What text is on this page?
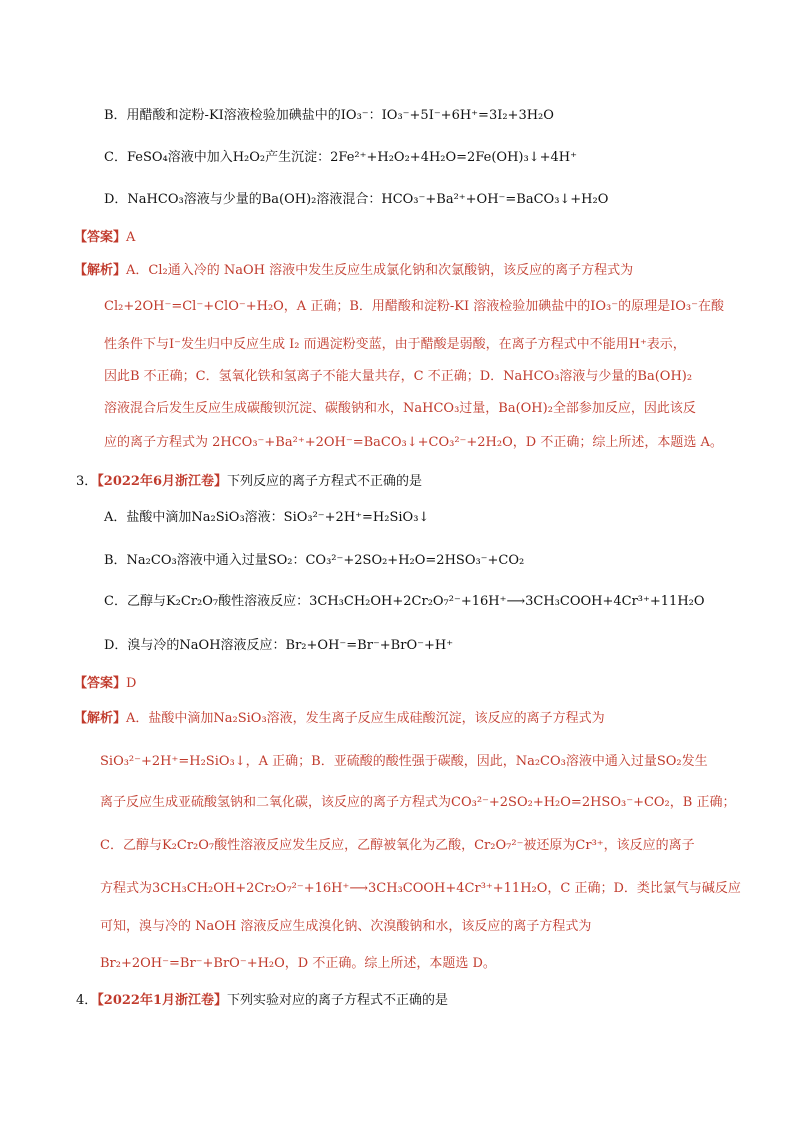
B．用醋酸和淀粉-KI溶液检验加碘盐中的IO₃⁻：IO₃⁻+5I⁻+6H⁺=3I₂+3H₂O
C．FeSO₄溶液中加入H₂O₂产生沉淀：2Fe²⁺+H₂O₂+4H₂O=2Fe(OH)₃↓+4H⁺
D．NaHCO₃溶液与少量的Ba(OH)₂溶液混合：HCO₃⁻+Ba²⁺+OH⁻=BaCO₃↓+H₂O
【答案】A
【解析】A．Cl₂通入冷的 NaOH 溶液中发生反应生成氯化钠和次氯酸钠，该反应的离子方程式为
Cl₂+2OH⁻=Cl⁻+ClO⁻+H₂O，A 正确；B．用醋酸和淀粉-KI 溶液检验加碘盐中的IO₃⁻的原理是IO₃⁻在酸
性条件下与I⁻发生归中反应生成 I₂ 而遇淀粉变蓝，由于醋酸是弱酸，在离子方程式中不能用H⁺表示，
因此B 不正确；C．氢氧化铁和氢离子不能大量共存，C 不正确；D．NaHCO₃溶液与少量的Ba(OH)₂
溶液混合后发生反应生成碳酸钡沉淀、碳酸钠和水，NaHCO₃过量，Ba(OH)₂全部参加反应，因此该反
应的离子方程式为 2HCO₃⁻+Ba²⁺+2OH⁻=BaCO₃↓+CO₃²⁻+2H₂O，D 不正确；综上所述，本题选 A。
3．【2022年6月浙江卷】下列反应的离子方程式不正确的是
A．盐酸中滴加Na₂SiO₃溶液：SiO₃²⁻+2H⁺=H₂SiO₃↓
B．Na₂CO₃溶液中通入过量SO₂：CO₃²⁻+2SO₂+H₂O=2HSO₃⁻+CO₂
C．乙醇与K₂Cr₂O₇酸性溶液反应：3CH₃CH₂OH+2Cr₂O₇²⁻+16H⁺⟶3CH₃COOH+4Cr³⁺+11H₂O
D．溴与冷的NaOH溶液反应：Br₂+OH⁻=Br⁻+BrO⁻+H⁺
【答案】D
【解析】A．盐酸中滴加Na₂SiO₃溶液，发生离子反应生成硅酸沉淀，该反应的离子方程式为
SiO₃²⁻+2H⁺=H₂SiO₃↓，A 正确；B．亚硫酸的酸性强于碳酸，因此，Na₂CO₃溶液中通入过量SO₂发生
离子反应生成亚硫酸氢钠和二氧化碳，该反应的离子方程式为CO₃²⁻+2SO₂+H₂O=2HSO₃⁻+CO₂，B 正确；
C．乙醇与K₂Cr₂O₇酸性溶液反应发生反应，乙醇被氧化为乙酸，Cr₂O₇²⁻被还原为Cr³⁺，该反应的离子
方程式为3CH₃CH₂OH+2Cr₂O₇²⁻+16H⁺⟶3CH₃COOH+4Cr³⁺+11H₂O，C 正确；D．类比氯气与碱反应
可知，溴与冷的 NaOH 溶液反应生成溴化钠、次溴酸钠和水，该反应的离子方程式为
Br₂+2OH⁻=Br⁻+BrO⁻+H₂O，D 不正确。综上所述，本题选 D。
4．【2022年1月浙江卷】下列实验对应的离子方程式不正确的是
